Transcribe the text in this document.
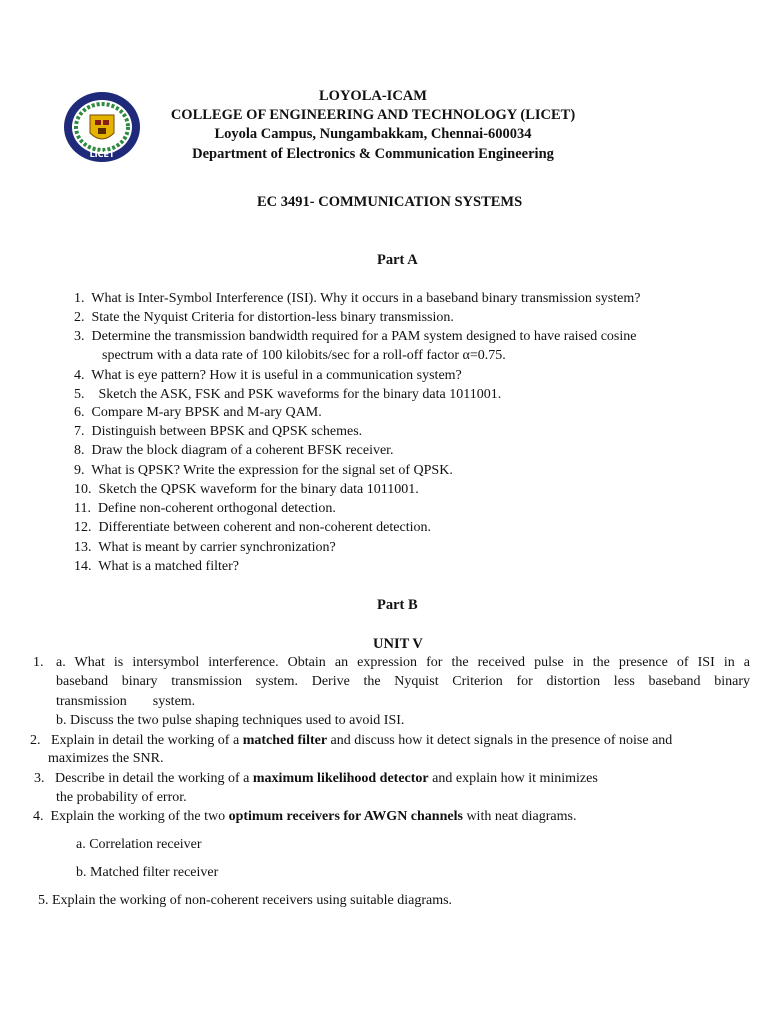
LICET
LOYOLA-ICAM
COLLEGE OF ENGINEERING AND TECHNOLOGY (LICET)
Loyola Campus, Nungambakkam, Chennai-600034
Department of Electronics & Communication Engineering
EC 3491- COMMUNICATION SYSTEMS
Part A
1. What is Inter-Symbol Interference (ISI). Why it occurs in a baseband binary transmission system?
2. State the Nyquist Criteria for distortion-less binary transmission.
3. Determine the transmission bandwidth required for a PAM system designed to have raised cosine
spectrum with a data rate of 100 kilobits/sec for a roll-off factor α=0.75.
4. What is eye pattern? How it is useful in a communication system?
5. Sketch the ASK, FSK and PSK waveforms for the binary data 1011001.
6. Compare M-ary BPSK and M-ary QAM.
7. Distinguish between BPSK and QPSK schemes.
8. Draw the block diagram of a coherent BFSK receiver.
9. What is QPSK? Write the expression for the signal set of QPSK.
10. Sketch the QPSK waveform for the binary data 1011001.
11. Define non-coherent orthogonal detection.
12. Differentiate between coherent and non-coherent detection.
13. What is meant by carrier synchronization?
14. What is a matched filter?
Part B
UNIT V
1. a. What is intersymbol interference. Obtain an expression for the received pulse in the presence of ISI in a
baseband binary transmission system. Derive the Nyquist Criterion for distortion less baseband binary
transmission system.
b. Discuss the two pulse shaping techniques used to avoid ISI.
2. Explain in detail the working of a matched filter and discuss how it detect signals in the presence of noise and
maximizes the SNR.
3. Describe in detail the working of a maximum likelihood detector and explain how it minimizes
the probability of error.
4. Explain the working of the two optimum receivers for AWGN channels with neat diagrams.
a. Correlation receiver
b. Matched filter receiver
5. Explain the working of non-coherent receivers using suitable diagrams.
